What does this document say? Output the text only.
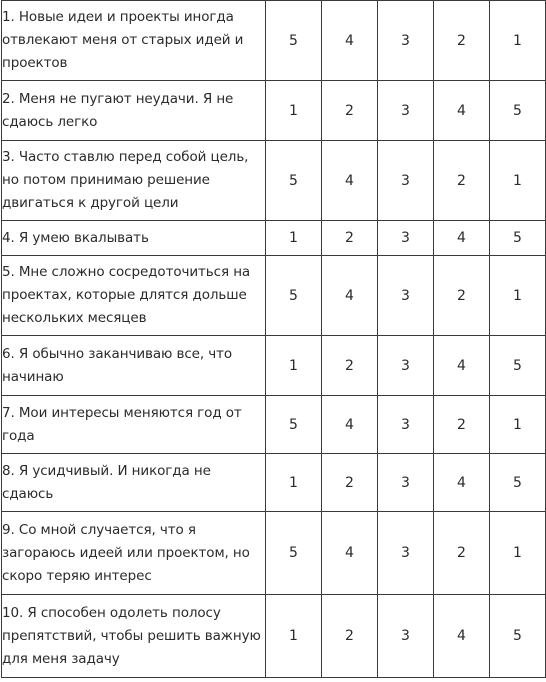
1. Новые идеи и проекты иногда отвлекают меня от старых идей и проектов	5	4	3	2	1
2. Меня не пугают неудачи. Я не сдаюсь легко	1	2	3	4	5
3. Часто ставлю перед собой цель, но потом принимаю решение двигаться к другой цели	5	4	3	2	1
4. Я умею вкалывать	1	2	3	4	5
5. Мне сложно сосредоточиться на проектах, которые длятся дольше нескольких месяцев	5	4	3	2	1
6. Я обычно заканчиваю все, что начинаю	1	2	3	4	5
7. Мои интересы меняются год от года	5	4	3	2	1
8. Я усидчивый. И никогда не сдаюсь	1	2	3	4	5
9. Со мной случается, что я загораюсь идеей или проектом, но скоро теряю интерес	5	4	3	2	1
10. Я способен одолеть полосу препятствий, чтобы решить важную для меня задачу	1	2	3	4	5
